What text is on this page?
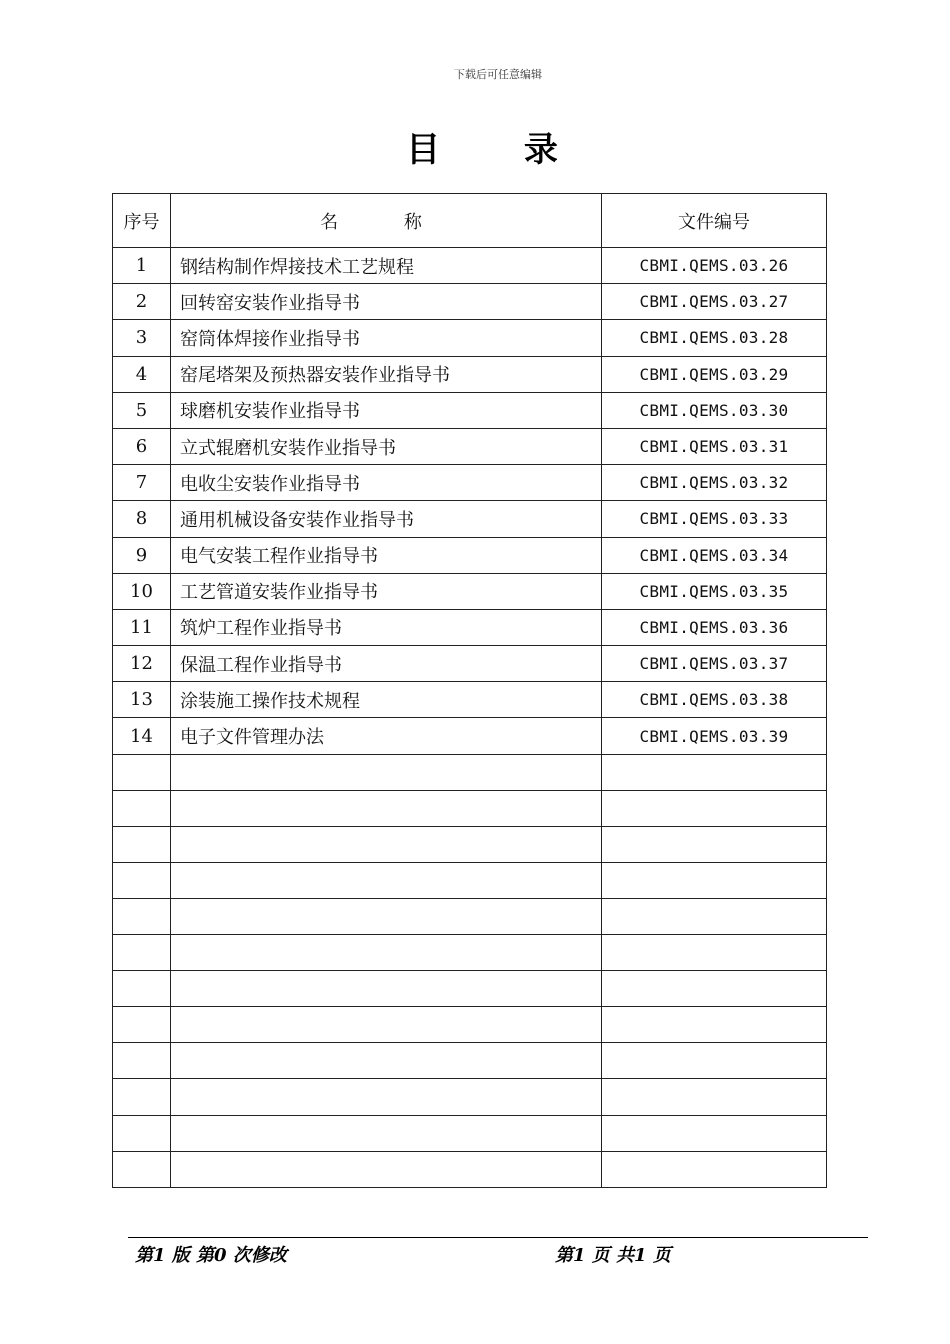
下载后可任意编辑
目 录
序号	名 称	文件编号
1	钢结构制作焊接技术工艺规程	CBMI.QEMS.03.26
2	回转窑安装作业指导书	CBMI.QEMS.03.27
3	窑筒体焊接作业指导书	CBMI.QEMS.03.28
4	窑尾塔架及预热器安装作业指导书	CBMI.QEMS.03.29
5	球磨机安装作业指导书	CBMI.QEMS.03.30
6	立式辊磨机安装作业指导书	CBMI.QEMS.03.31
7	电收尘安装作业指导书	CBMI.QEMS.03.32
8	通用机械设备安装作业指导书	CBMI.QEMS.03.33
9	电气安装工程作业指导书	CBMI.QEMS.03.34
10	工艺管道安装作业指导书	CBMI.QEMS.03.35
11	筑炉工程作业指导书	CBMI.QEMS.03.36
12	保温工程作业指导书	CBMI.QEMS.03.37
13	涂装施工操作技术规程	CBMI.QEMS.03.38
14	电子文件管理办法	CBMI.QEMS.03.39

第1 版 第0 次修改	第1 页 共1 页
